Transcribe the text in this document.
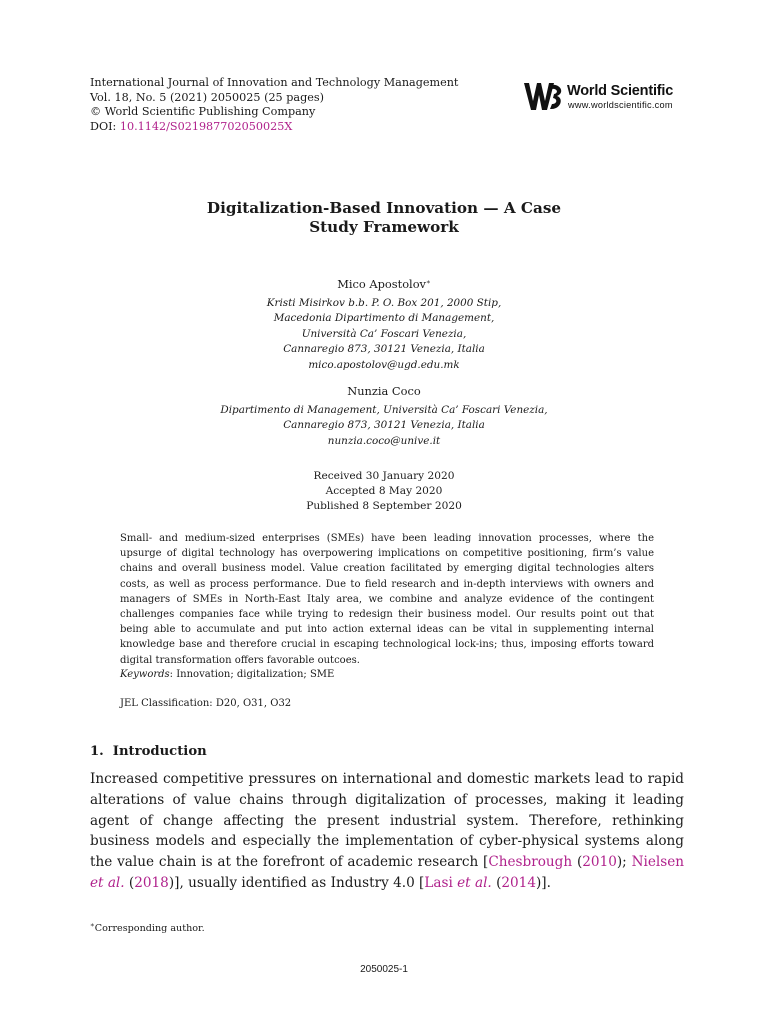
International Journal of Innovation and Technology Management
Vol. 18, No. 5 (2021) 2050025 (25 pages)
© World Scientific Publishing Company
DOI: 10.1142/S021987702050025X
World Scientific
www.worldscientific.com
Digitalization-Based Innovation — A Case
Study Framework
Mico Apostolov∗
Kristi Misirkov b.b. P. O. Box 201, 2000 Stip,
Macedonia Dipartimento di Management,
Università Ca’ Foscari Venezia,
Cannaregio 873, 30121 Venezia, Italia
mico.apostolov@ugd.edu.mk
Nunzia Coco
Dipartimento di Management, Università Ca’ Foscari Venezia,
Cannaregio 873, 30121 Venezia, Italia
nunzia.coco@unive.it
Received 30 January 2020
Accepted 8 May 2020
Published 8 September 2020

Small- and medium-sized enterprises (SMEs) have been leading innovation processes, where the upsurge of digital technology has overpowering implications on competitive positioning, firm’s value chains and overall business model. Value creation facilitated by emerging digital technologies alters costs, as well as process performance. Due to field research and in-depth interviews with owners and managers of SMEs in North-East Italy area, we combine and analyze evidence of the contingent challenges companies face while trying to redesign their business model. Our results point out that being able to accumulate and put into action external ideas can be vital in supplementing internal knowledge base and therefore crucial in escaping technological lock-ins; thus, imposing efforts toward digital transformation offers favorable outcoes.

Keywords: Innovation; digitalization; SME
JEL Classification: D20, O31, O32
1. Introduction

Increased competitive pressures on international and domestic markets lead to rapid alterations of value chains through digitalization of processes, making it leading agent of change affecting the present industrial system. Therefore, rethinking business models and especially the implementation of cyber-physical systems along the value chain is at the forefront of academic research [Chesbrough (2010); Nielsen et al. (2018)], usually identified as Industry 4.0 [Lasi et al. (2014)].

∗Corresponding author.
2050025-1
